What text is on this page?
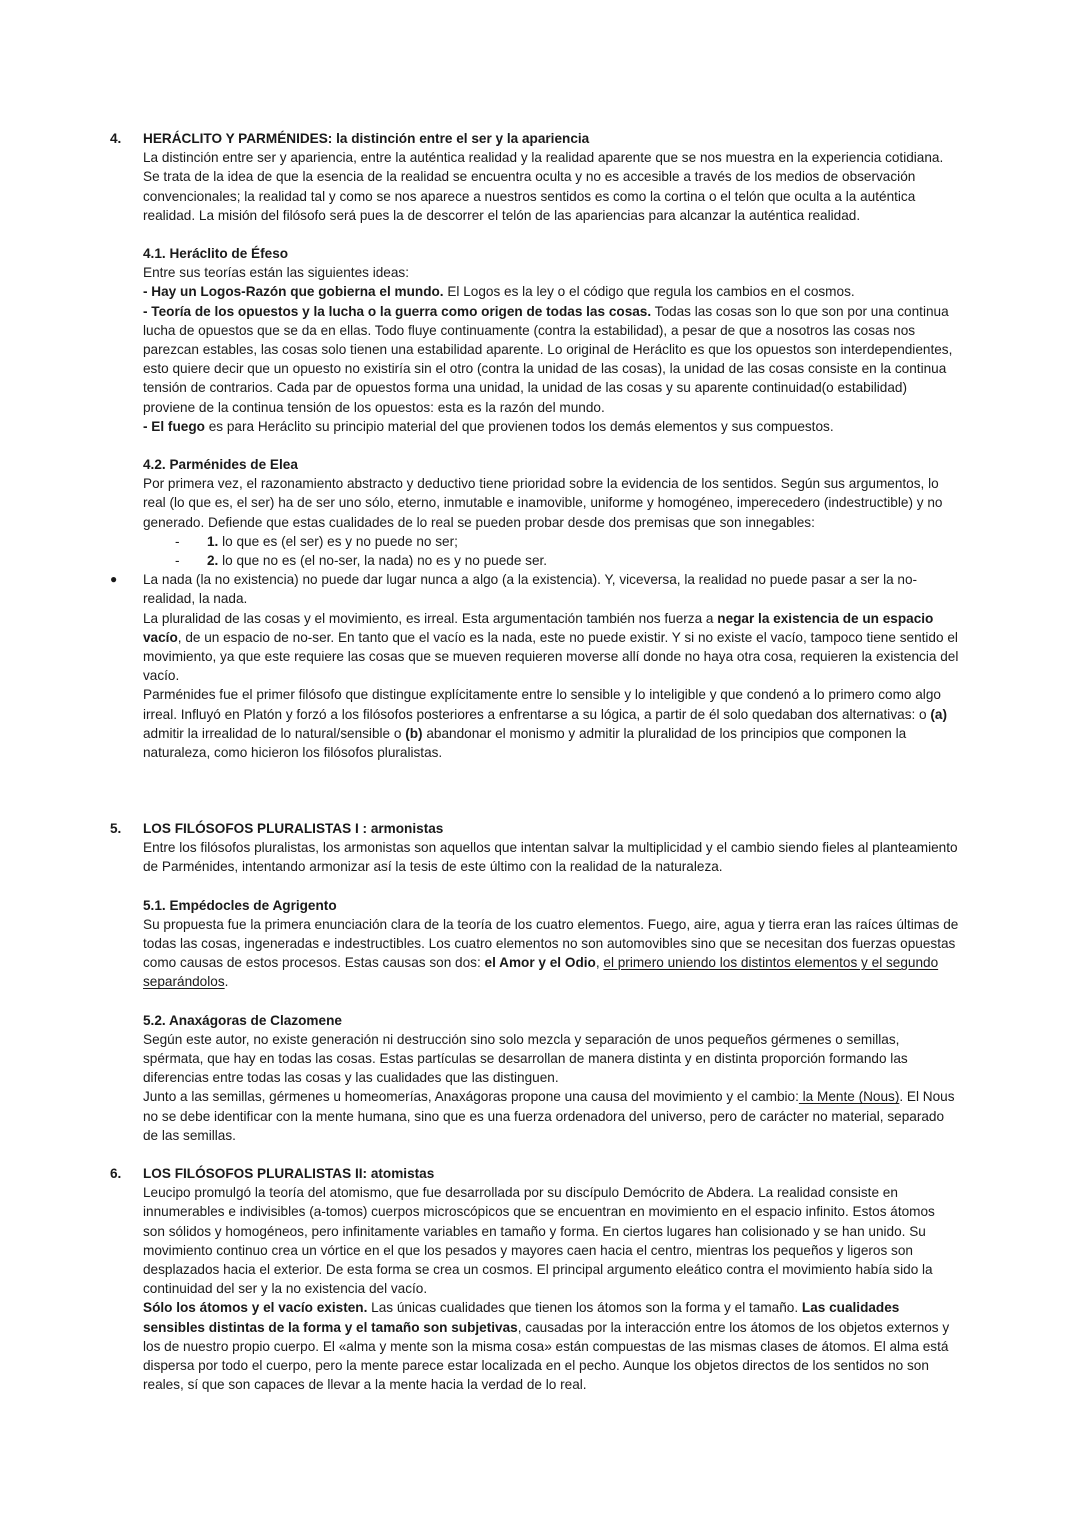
4. HERÁCLITO Y PARMÉNIDES: la distinción entre el ser y la apariencia

La distinción entre ser y apariencia, entre la auténtica realidad y la realidad aparente que se nos muestra en la experiencia cotidiana. Se trata de la idea de que la esencia de la realidad se encuentra oculta y no es accesible a través de los medios de observación convencionales; la realidad tal y como se nos aparece a nuestros sentidos es como la cortina o el telón que oculta a la auténtica realidad. La misión del filósofo será pues la de descorrer el telón de las apariencias para alcanzar la auténtica realidad.

4.1. Heráclito de Éfeso

Entre sus teorías están las siguientes ideas:

- Hay un Logos-Razón que gobierna el mundo. El Logos es la ley o el código que regula los cambios en el cosmos.

- Teoría de los opuestos y la lucha o la guerra como origen de todas las cosas. Todas las cosas son lo que son por una continua lucha de opuestos que se da en ellas. Todo fluye continuamente (contra la estabilidad), a pesar de que a nosotros las cosas nos parezcan estables, las cosas solo tienen una estabilidad aparente. Lo original de Heráclito es que los opuestos son interdependientes, esto quiere decir que un opuesto no existiría sin el otro (contra la unidad de las cosas), la unidad de las cosas consiste en la continua tensión de contrarios. Cada par de opuestos forma una unidad, la unidad de las cosas y su aparente continuidad(o estabilidad) proviene de la continua tensión de los opuestos: esta es la razón del mundo.

- El fuego es para Heráclito su principio material del que provienen todos los demás elementos y sus compuestos.

4.2. Parménides de Elea

Por primera vez, el razonamiento abstracto y deductivo tiene prioridad sobre la evidencia de los sentidos. Según sus argumentos, lo real (lo que es, el ser) ha de ser uno sólo, eterno, inmutable e inamovible, uniforme y homogéneo, imperecedero (indestructible) y no generado. Defiende que estas cualidades de lo real se pueden probar desde dos premisas que son innegables:

- 1. lo que es (el ser) es y no puede no ser;

- 2. lo que no es (el no-ser, la nada) no es y no puede ser.

● La nada (la no existencia) no puede dar lugar nunca a algo (a la existencia). Y, viceversa, la realidad no puede pasar a ser la no-realidad, la nada.

La pluralidad de las cosas y el movimiento, es irreal. Esta argumentación también nos fuerza a negar la existencia de un espacio vacío, de un espacio de no-ser. En tanto que el vacío es la nada, este no puede existir. Y si no existe el vacío, tampoco tiene sentido el movimiento, ya que este requiere las cosas que se mueven requieren moverse allí donde no haya otra cosa, requieren la existencia del vacío.

Parménides fue el primer filósofo que distingue explícitamente entre lo sensible y lo inteligible y que condenó a lo primero como algo irreal. Influyó en Platón y forzó a los filósofos posteriores a enfrentarse a su lógica, a partir de él solo quedaban dos alternativas: o (a) admitir la irrealidad de lo natural/sensible o (b) abandonar el monismo y admitir la pluralidad de los principios que componen la naturaleza, como hicieron los filósofos pluralistas.

5. LOS FILÓSOFOS PLURALISTAS I : armonistas

Entre los filósofos pluralistas, los armonistas son aquellos que intentan salvar la multiplicidad y el cambio siendo fieles al planteamiento de Parménides, intentando armonizar así la tesis de este último con la realidad de la naturaleza.

5.1. Empédocles de Agrigento

Su propuesta fue la primera enunciación clara de la teoría de los cuatro elementos. Fuego, aire, agua y tierra eran las raíces últimas de todas las cosas, ingeneradas e indestructibles. Los cuatro elementos no son automovibles sino que se necesitan dos fuerzas opuestas como causas de estos procesos. Estas causas son dos: el Amor y el Odio, el primero uniendo los distintos elementos y el segundo separándolos.

5.2. Anaxágoras de Clazomene

Según este autor, no existe generación ni destrucción sino solo mezcla y separación de unos pequeños gérmenes o semillas, spérmata, que hay en todas las cosas. Estas partículas se desarrollan de manera distinta y en distinta proporción formando las diferencias entre todas las cosas y las cualidades que las distinguen.

Junto a las semillas, gérmenes u homeomerías, Anaxágoras propone una causa del movimiento y el cambio: la Mente (Nous). El Nous no se debe identificar con la mente humana, sino que es una fuerza ordenadora del universo, pero de carácter no material, separado de las semillas.

6. LOS FILÓSOFOS PLURALISTAS II: atomistas

Leucipo promulgó la teoría del atomismo, que fue desarrollada por su discípulo Demócrito de Abdera. La realidad consiste en innumerables e indivisibles (a-tomos) cuerpos microscópicos que se encuentran en movimiento en el espacio infinito. Estos átomos son sólidos y homogéneos, pero infinitamente variables en tamaño y forma. En ciertos lugares han colisionado y se han unido. Su movimiento continuo crea un vórtice en el que los pesados y mayores caen hacia el centro, mientras los pequeños y ligeros son desplazados hacia el exterior. De esta forma se crea un cosmos. El principal argumento eleático contra el movimiento había sido la continuidad del ser y la no existencia del vacío.

Sólo los átomos y el vacío existen. Las únicas cualidades que tienen los átomos son la forma y el tamaño. Las cualidades sensibles distintas de la forma y el tamaño son subjetivas, causadas por la interacción entre los átomos de los objetos externos y los de nuestro propio cuerpo. El «alma y mente son la misma cosa» están compuestas de las mismas clases de átomos. El alma está dispersa por todo el cuerpo, pero la mente parece estar localizada en el pecho. Aunque los objetos directos de los sentidos no son reales, sí que son capaces de llevar a la mente hacia la verdad de lo real.
